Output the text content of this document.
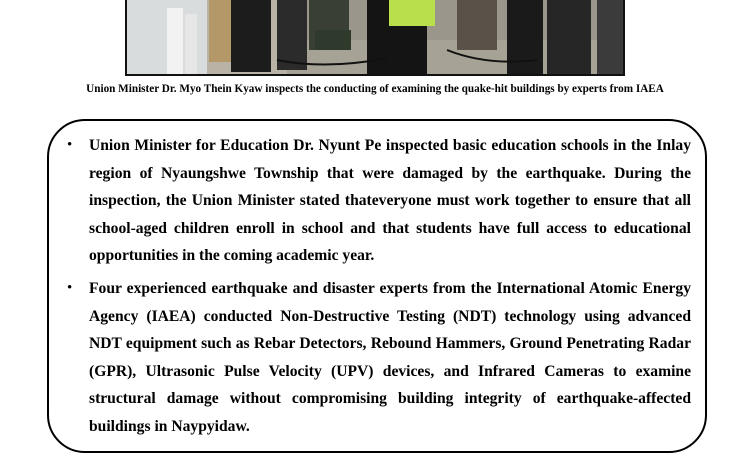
Union Minister Dr. Myo Thein Kyaw inspects the conducting of examining the quake-hit buildings by experts from IAEA
• Union Minister for Education Dr. Nyunt Pe inspected basic education schools in the Inlay region of Nyaungshwe Township that were damaged by the earthquake. During the inspection, the Union Minister stated thateveryone must work together to ensure that all school-aged children enroll in school and that students have full access to educational opportunities in the coming academic year.
• Four experienced earthquake and disaster experts from the International Atomic Energy Agency (IAEA) conducted Non-Destructive Testing (NDT) technology using advanced NDT equipment such as Rebar Detectors, Rebound Hammers, Ground Penetrating Radar (GPR), Ultrasonic Pulse Velocity (UPV) devices, and Infrared Cameras to examine structural damage without compromising building integrity of earthquake-affected buildings in Naypyidaw.
